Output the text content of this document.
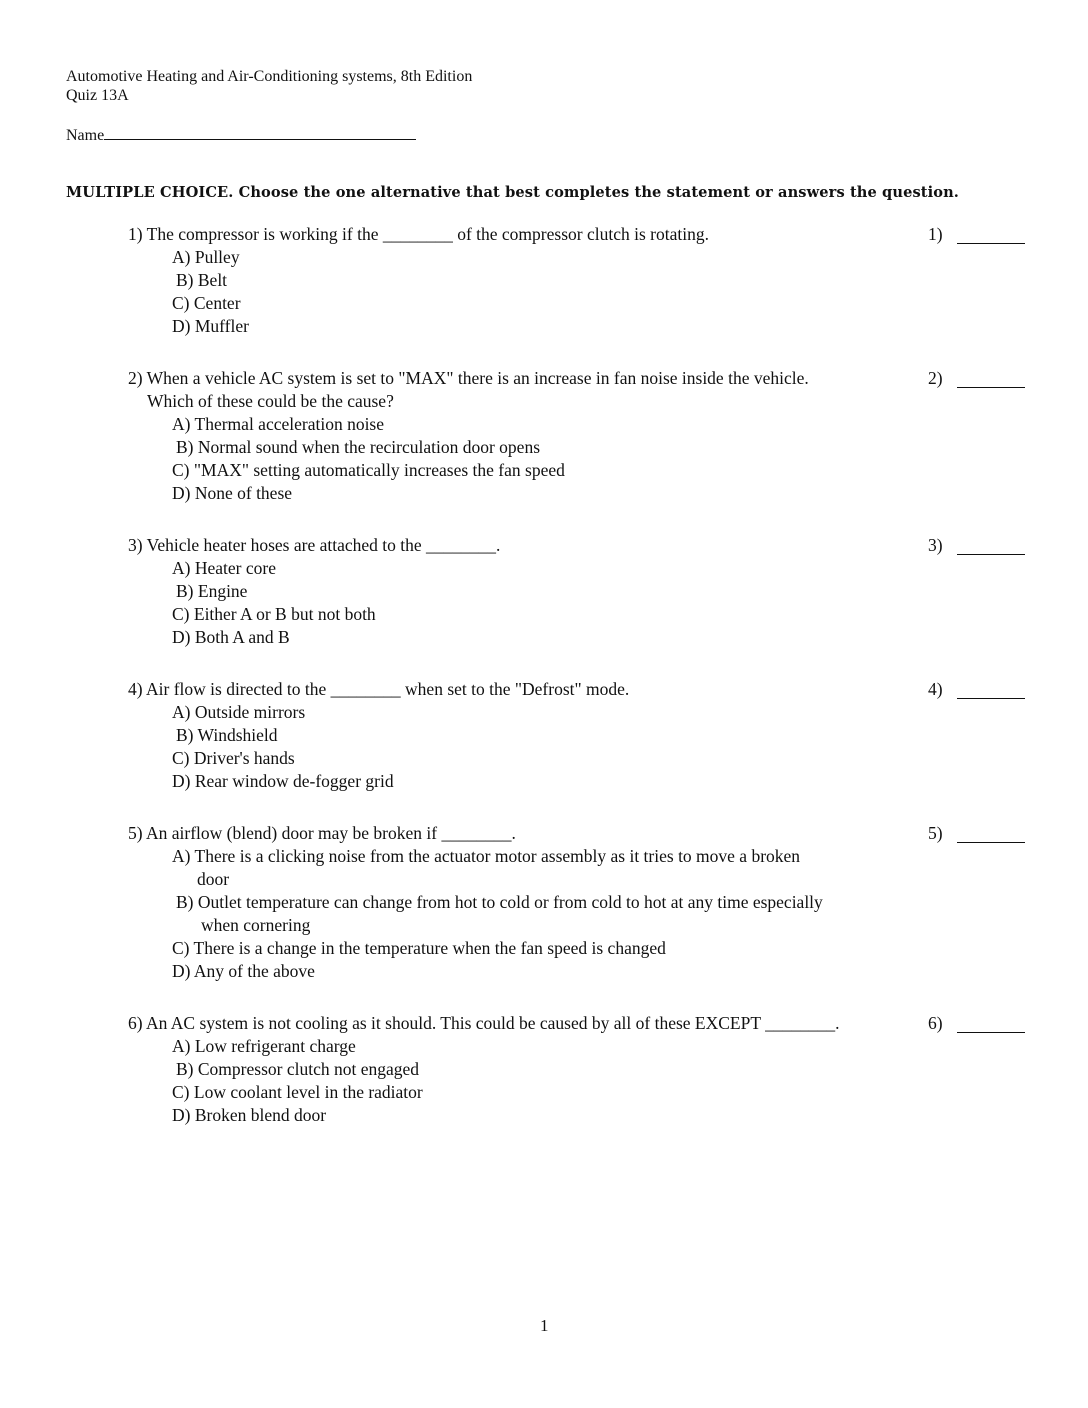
Automotive Heating and Air-Conditioning systems, 8th Edition
Quiz 13A
Name
MULTIPLE CHOICE. Choose the one alternative that best completes the statement or answers the question.
1) The compressor is working if the ________ of the compressor clutch is rotating.
A) Pulley
B) Belt
C) Center
D) Muffler
1)
2) When a vehicle AC system is set to "MAX" there is an increase in fan noise inside the vehicle.
Which of these could be the cause?
A) Thermal acceleration noise
B) Normal sound when the recirculation door opens
C) "MAX" setting automatically increases the fan speed
D) None of these
2)
3) Vehicle heater hoses are attached to the ________.
A) Heater core
B) Engine
C) Either A or B but not both
D) Both A and B
3)
4) Air flow is directed to the ________ when set to the "Defrost" mode.
A) Outside mirrors
B) Windshield
C) Driver's hands
D) Rear window de-fogger grid
4)
5) An airflow (blend) door may be broken if ________.
A) There is a clicking noise from the actuator motor assembly as it tries to move a broken
door
B) Outlet temperature can change from hot to cold or from cold to hot at any time especially
when cornering
C) There is a change in the temperature when the fan speed is changed
D) Any of the above
5)
6) An AC system is not cooling as it should. This could be caused by all of these EXCEPT ________.
A) Low refrigerant charge
B) Compressor clutch not engaged
C) Low coolant level in the radiator
D) Broken blend door
6)
1
